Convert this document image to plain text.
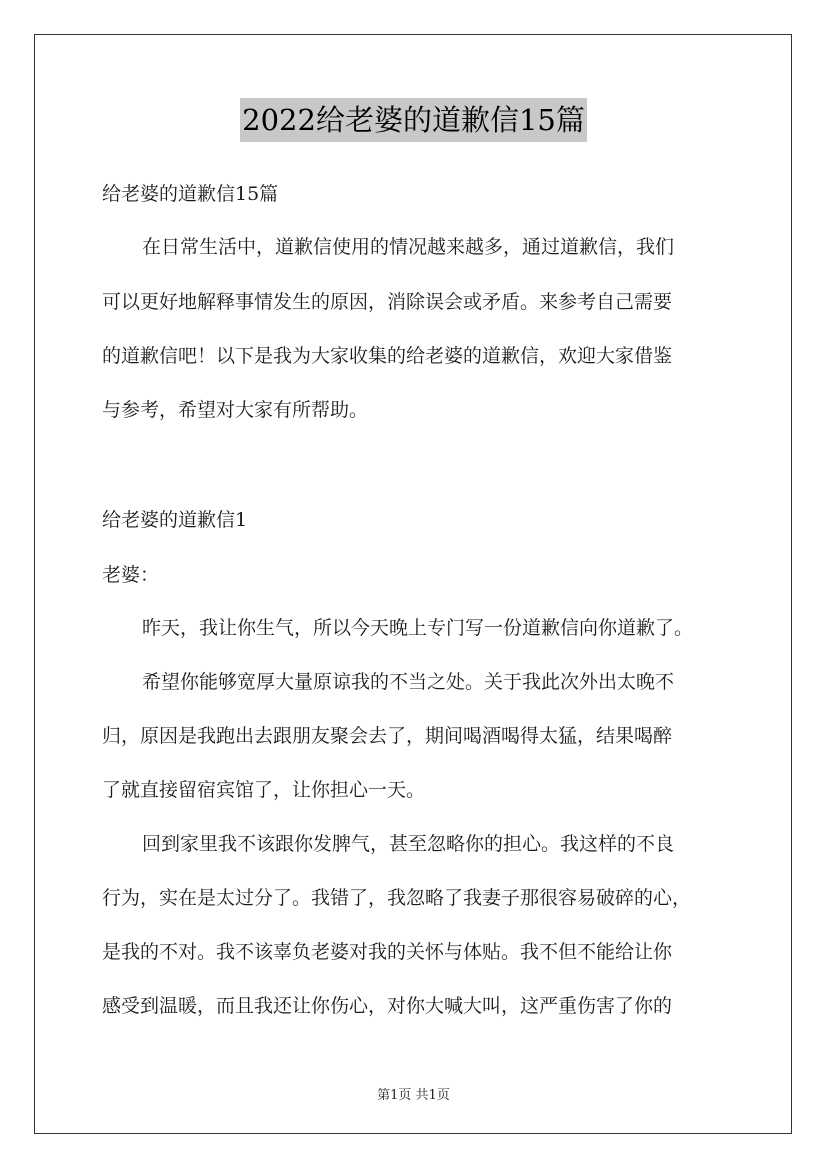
2022给老婆的道歉信15篇
给老婆的道歉信15篇
在日常生活中，道歉信使用的情况越来越多，通过道歉信，我们
可以更好地解释事情发生的原因，消除误会或矛盾。来参考自己需要
的道歉信吧！以下是我为大家收集的给老婆的道歉信，欢迎大家借鉴
与参考，希望对大家有所帮助。
给老婆的道歉信1
老婆：
昨天，我让你生气，所以今天晚上专门写一份道歉信向你道歉了。
希望你能够宽厚大量原谅我的不当之处。关于我此次外出太晚不
归，原因是我跑出去跟朋友聚会去了，期间喝酒喝得太猛，结果喝醉
了就直接留宿宾馆了，让你担心一天。
回到家里我不该跟你发脾气，甚至忽略你的担心。我这样的不良
行为，实在是太过分了。我错了，我忽略了我妻子那很容易破碎的心，
是我的不对。我不该辜负老婆对我的关怀与体贴。我不但不能给让你
感受到温暖，而且我还让你伤心，对你大喊大叫，这严重伤害了你的
第1页 共1页
